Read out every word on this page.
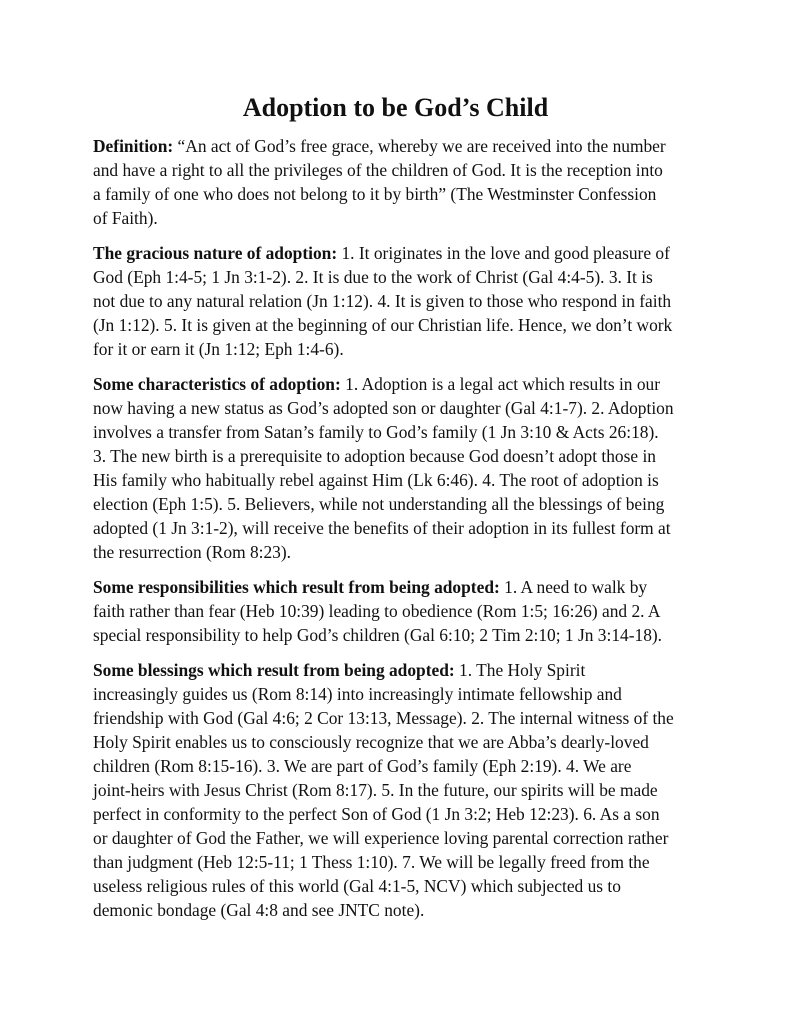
Adoption to be God’s Child
Definition: “An act of God’s free grace, whereby we are received into the number
and have a right to all the privileges of the children of God. It is the reception into
a family of one who does not belong to it by birth” (The Westminster Confession
of Faith).
The gracious nature of adoption: 1. It originates in the love and good pleasure of
God (Eph 1:4-5; 1 Jn 3:1-2). 2. It is due to the work of Christ (Gal 4:4-5). 3. It is
not due to any natural relation (Jn 1:12). 4. It is given to those who respond in faith
(Jn 1:12). 5. It is given at the beginning of our Christian life. Hence, we don’t work
for it or earn it (Jn 1:12; Eph 1:4-6).
Some characteristics of adoption: 1. Adoption is a legal act which results in our
now having a new status as God’s adopted son or daughter (Gal 4:1-7). 2. Adoption
involves a transfer from Satan’s family to God’s family (1 Jn 3:10 & Acts 26:18).
3. The new birth is a prerequisite to adoption because God doesn’t adopt those in
His family who habitually rebel against Him (Lk 6:46). 4. The root of adoption is
election (Eph 1:5). 5. Believers, while not understanding all the blessings of being
adopted (1 Jn 3:1-2), will receive the benefits of their adoption in its fullest form at
the resurrection (Rom 8:23).
Some responsibilities which result from being adopted: 1. A need to walk by
faith rather than fear (Heb 10:39) leading to obedience (Rom 1:5; 16:26) and 2. A
special responsibility to help God’s children (Gal 6:10; 2 Tim 2:10; 1 Jn 3:14-18).
Some blessings which result from being adopted: 1. The Holy Spirit
increasingly guides us (Rom 8:14) into increasingly intimate fellowship and
friendship with God (Gal 4:6; 2 Cor 13:13, Message). 2. The internal witness of the
Holy Spirit enables us to consciously recognize that we are Abba’s dearly-loved
children (Rom 8:15-16). 3. We are part of God’s family (Eph 2:19). 4. We are
joint-heirs with Jesus Christ (Rom 8:17). 5. In the future, our spirits will be made
perfect in conformity to the perfect Son of God (1 Jn 3:2; Heb 12:23). 6. As a son
or daughter of God the Father, we will experience loving parental correction rather
than judgment (Heb 12:5-11; 1 Thess 1:10). 7. We will be legally freed from the
useless religious rules of this world (Gal 4:1-5, NCV) which subjected us to
demonic bondage (Gal 4:8 and see JNTC note).
